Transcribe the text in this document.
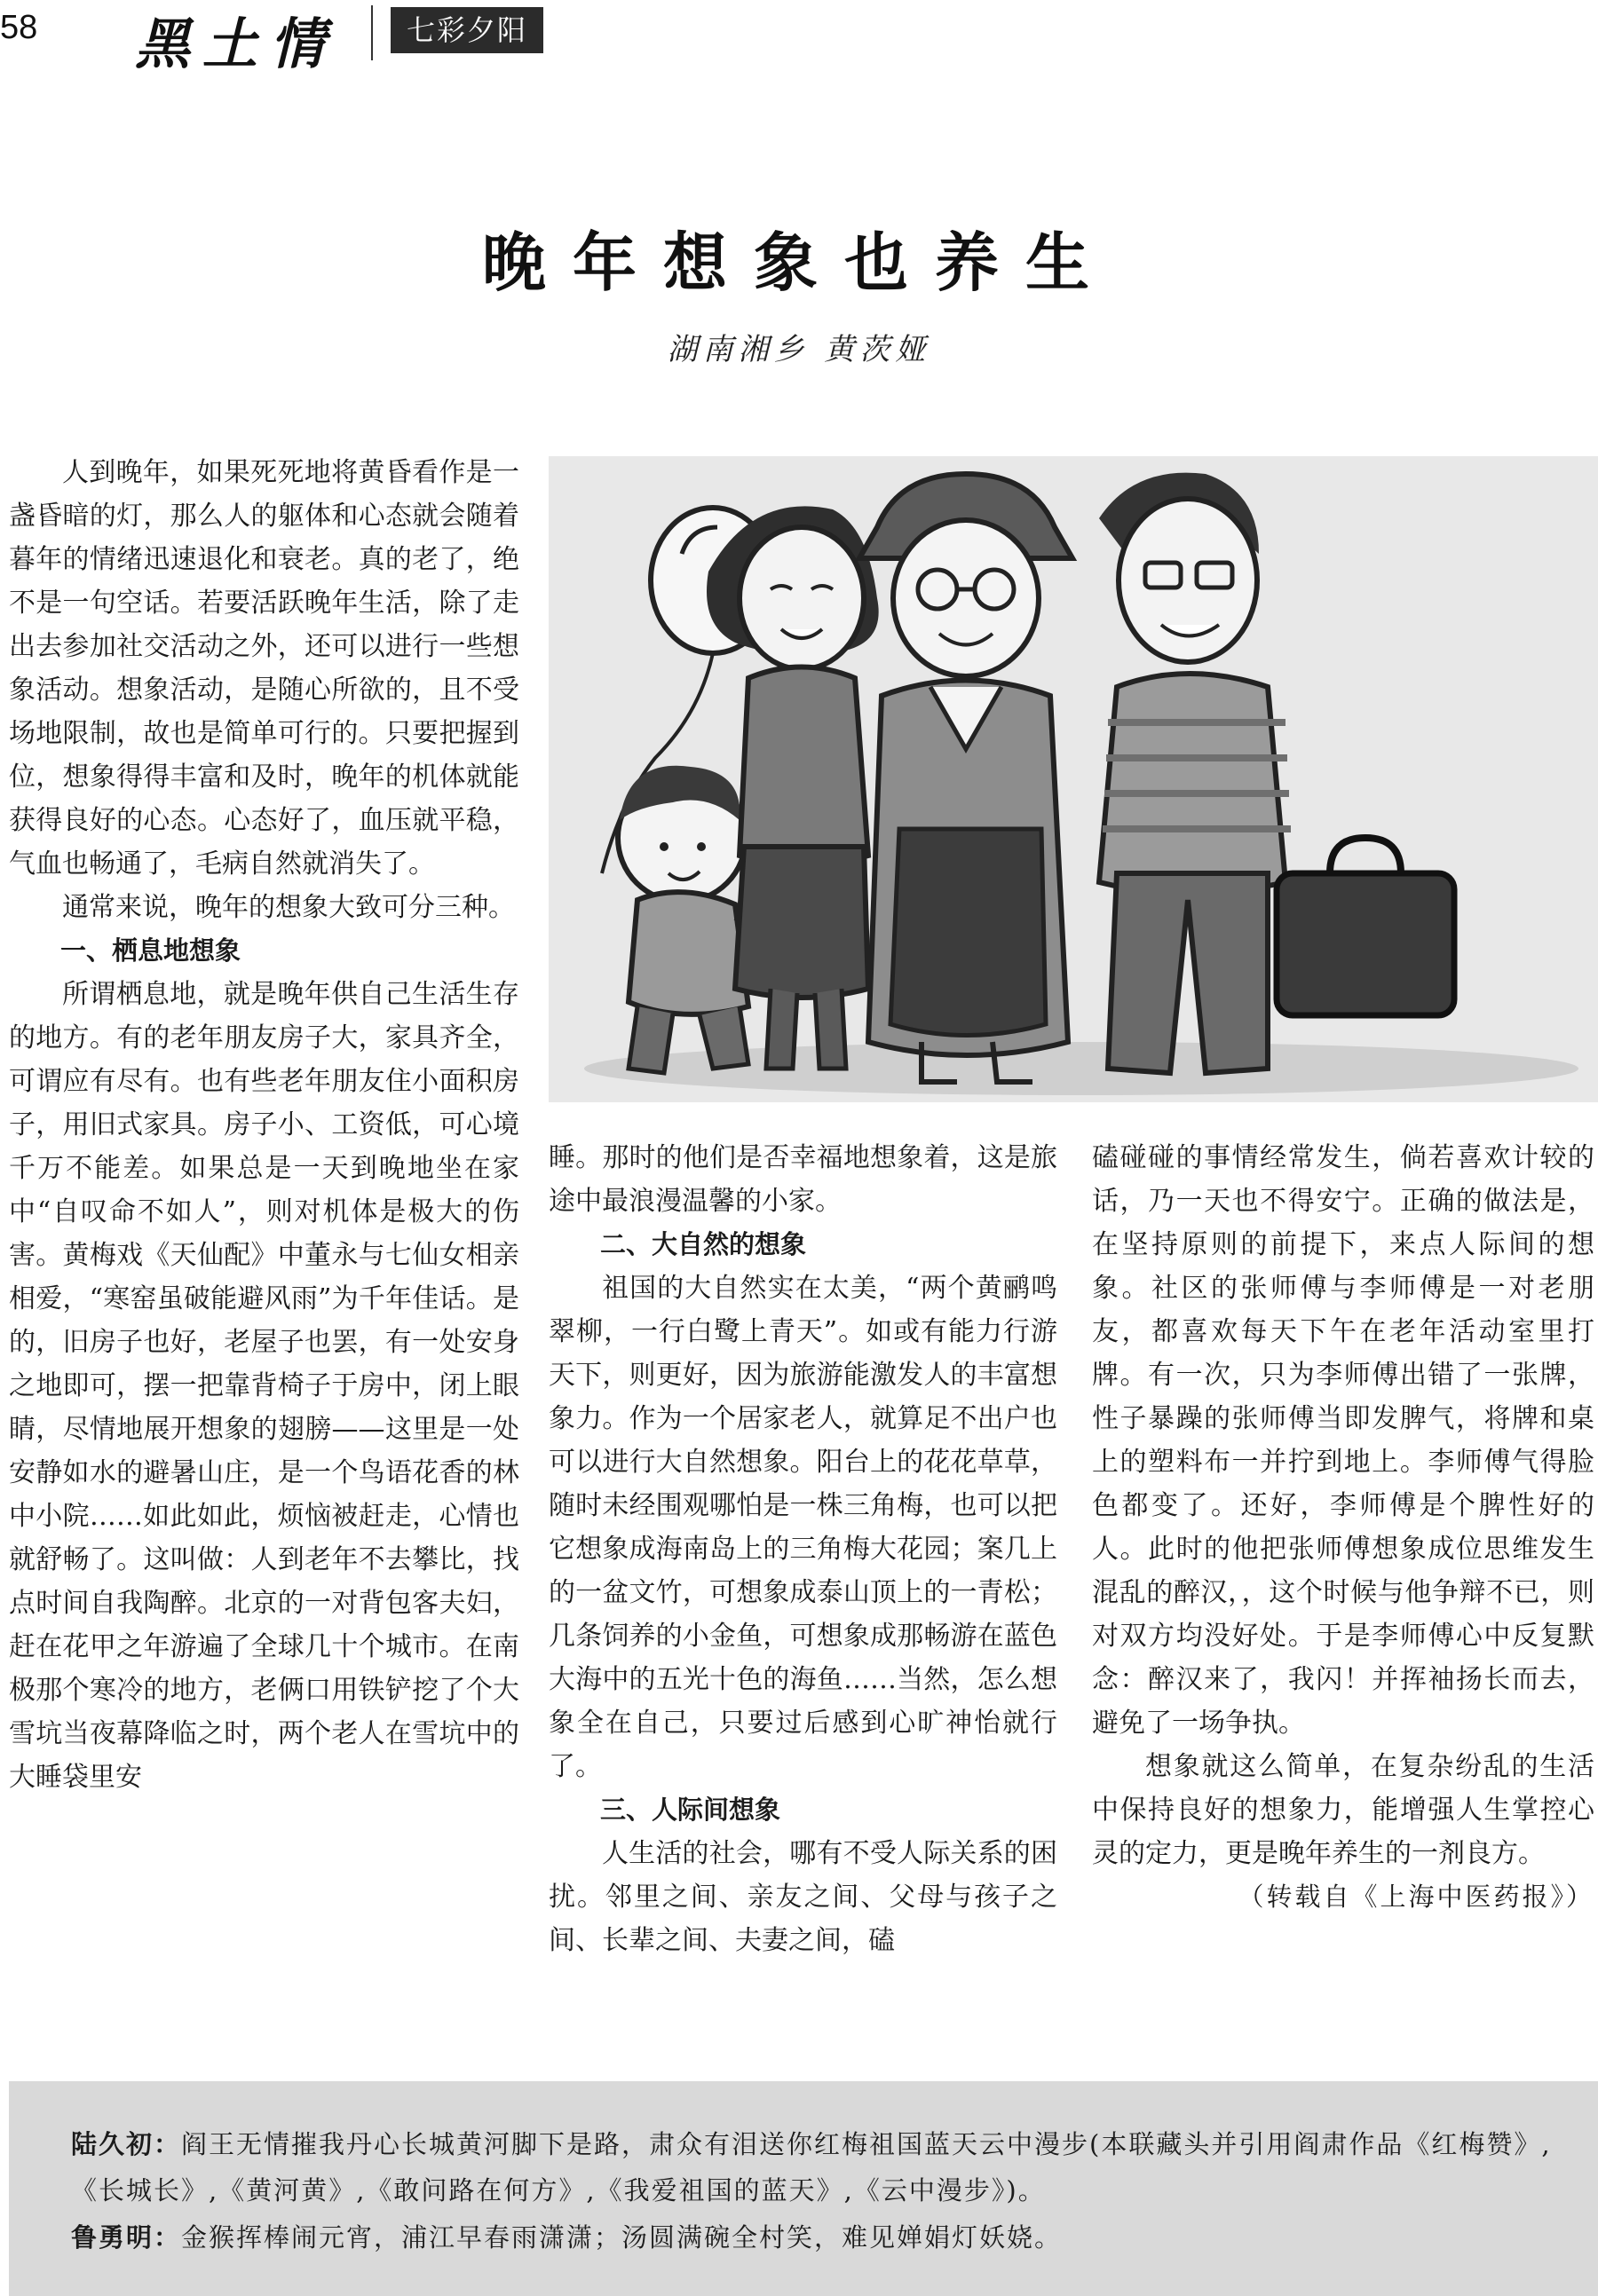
58 黑土情	七彩夕阳
晚年想象也养生
湖南湘乡 黄茨娅

人到晚年，如果死死地将黄昏看作是一盏昏暗的灯，那么人的躯体和心态就会随着暮年的情绪迅速退化和衰老。真的老了，绝不是一句空话。若要活跃晚年生活，除了走出去参加社交活动之外，还可以进行一些想象活动。想象活动，是随心所欲的，且不受场地限制，故也是简单可行的。只要把握到位，想象得得丰富和及时，晚年的机体就能获得良好的心态。心态好了，血压就平稳，气血也畅通了，毛病自然就消失了。

通常来说，晚年的想象大致可分三种。

一、栖息地想象

所谓栖息地，就是晚年供自己生活生存的地方。有的老年朋友房子大，家具齐全，可谓应有尽有。也有些老年朋友住小面积房子，用旧式家具。房子小、工资低，可心境千万不能差。如果总是一天到晚地坐在家中“自叹命不如人”，则对机体是极大的伤害。黄梅戏《天仙配》中董永与七仙女相亲相爱，“寒窑虽破能避风雨”为千年佳话。是的，旧房子也好，老屋子也罢，有一处安身之地即可，摆一把靠背椅子于房中，闭上眼睛，尽情地展开想象的翅膀——这里是一处安静如水的避暑山庄，是一个鸟语花香的林中小院……如此如此，烦恼被赶走，心情也就舒畅了。这叫做：人到老年不去攀比，找点时间自我陶醉。北京的一对背包客夫妇，赶在花甲之年游遍了全球几十个城市。在南极那个寒冷的地方，老俩口用铁铲挖了个大雪坑当夜幕降临之时，两个老人在雪坑中的大睡袋里安

睡。那时的他们是否幸福地想象着，这是旅途中最浪漫温馨的小家。

二、大自然的想象

祖国的大自然实在太美，“两个黄鹂鸣翠柳，一行白鹭上青天”。如或有能力行游天下，则更好，因为旅游能激发人的丰富想象力。作为一个居家老人，就算足不出户也可以进行大自然想象。阳台上的花花草草，随时未经围观哪怕是一株三角梅，也可以把它想象成海南岛上的三角梅大花园；案几上的一盆文竹，可想象成泰山顶上的一青松；几条饲养的小金鱼，可想象成那畅游在蓝色大海中的五光十色的海鱼……当然，怎么想象全在自己，只要过后感到心旷神怡就行了。

三、人际间想象

人生活的社会，哪有不受人际关系的困扰。邻里之间、亲友之间、父母与孩子之间、长辈之间、夫妻之间，磕

磕碰碰的事情经常发生，倘若喜欢计较的话，乃一天也不得安宁。正确的做法是，在坚持原则的前提下，来点人际间的想象。社区的张师傅与李师傅是一对老朋友，都喜欢每天下午在老年活动室里打牌。有一次，只为李师傅出错了一张牌，性子暴躁的张师傅当即发脾气，将牌和桌上的塑料布一并拧到地上。李师傅气得脸色都变了。还好，李师傅是个脾性好的人。此时的他把张师傅想象成位思维发生混乱的醉汉，，这个时候与他争辩不已，则对双方均没好处。于是李师傅心中反复默念：醉汉来了，我闪！并挥袖扬长而去，避免了一场争执。

想象就这么简单，在复杂纷乱的生活中保持良好的想象力，能增强人生掌控心灵的定力，更是晚年养生的一剂良方。

（转载自《上海中医药报》）

陆久初：阎王无情摧我丹心长城黄河脚下是路，肃众有泪送你红梅祖国蓝天云中漫步(本联藏头并引用阎肃作品《红梅赞》,《长城长》,《黄河黄》,《敢问路在何方》,《我爱祖国的蓝天》,《云中漫步》)。
鲁勇明：金猴挥棒闹元宵，浦江早春雨潇潇；汤圆满碗全村笑，难见婵娟灯妖娆。
